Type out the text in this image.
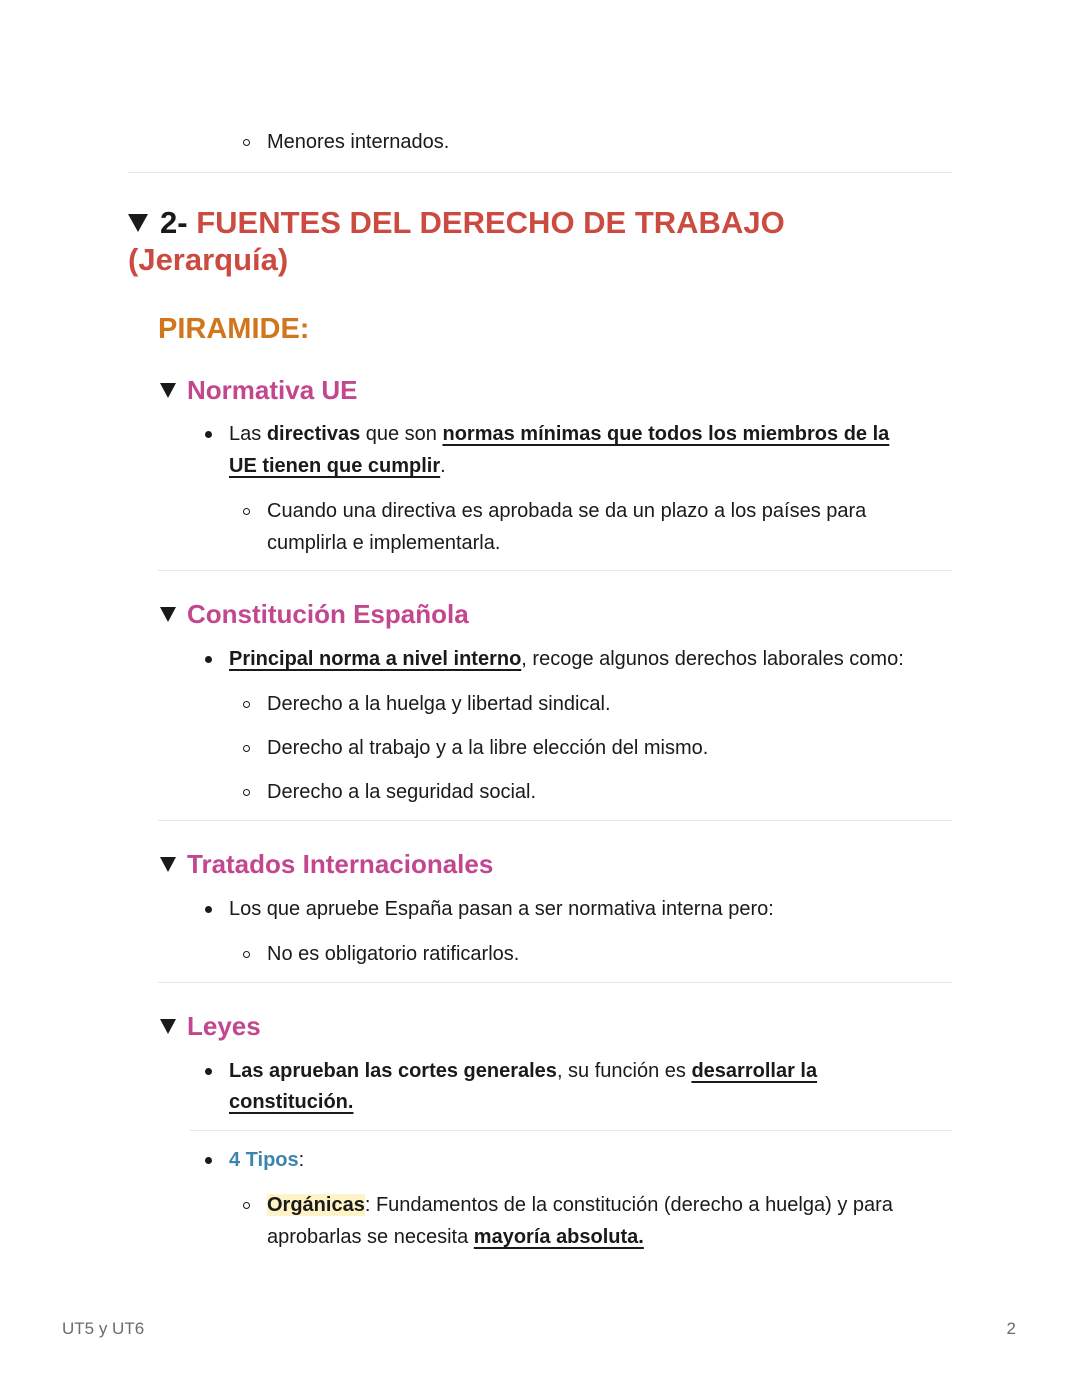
Menores internados.
2- FUENTES DEL DERECHO DE TRABAJO
(Jerarquía)
PIRAMIDE:
Normativa UE
Las directivas que son normas mínimas que todos los miembros de la
UE tienen que cumplir.
Cuando una directiva es aprobada se da un plazo a los países para
cumplirla e implementarla.
Constitución Española
Principal norma a nivel interno, recoge algunos derechos laborales como:
Derecho a la huelga y libertad sindical.
Derecho al trabajo y a la libre elección del mismo.
Derecho a la seguridad social.
Tratados Internacionales
Los que apruebe España pasan a ser normativa interna pero:
No es obligatorio ratificarlos.
Leyes
Las aprueban las cortes generales, su función es desarrollar la
constitución.
4 Tipos:
Orgánicas: Fundamentos de la constitución (derecho a huelga) y para
aprobarlas se necesita mayoría absoluta.
UT5 y UT6	2
